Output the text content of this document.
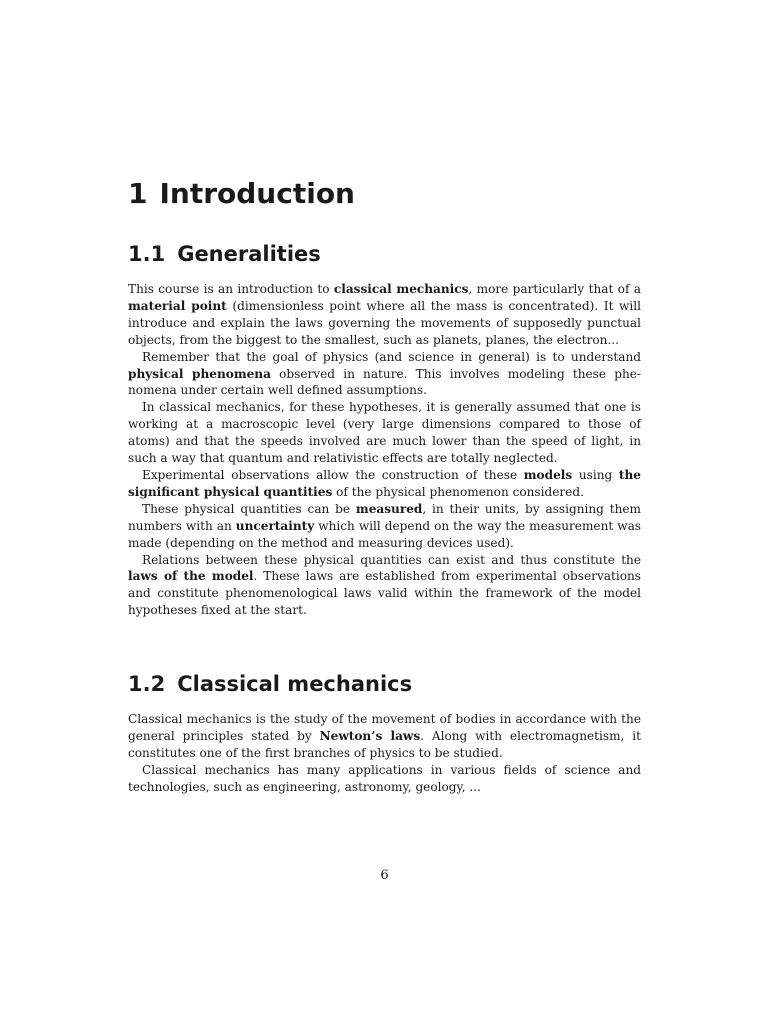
1 Introduction
1.1 Generalities

This course is an introduction to classical mechanics, more particularly that of a material point (dimensionless point where all the mass is concentrated). It will introduce and explain the laws governing the movements of supposedly punctual objects, from the biggest to the smallest, such as planets, planes, the electron...

Remember that the goal of physics (and science in general) is to understand physical phenomena observed in nature. This involves modeling these phenomena under certain well defined assumptions.

In classical mechanics, for these hypotheses, it is generally assumed that one is working at a macroscopic level (very large dimensions compared to those of atoms) and that the speeds involved are much lower than the speed of light, in such a way that quantum and relativistic effects are totally neglected.

Experimental observations allow the construction of these models using the significant physical quantities of the physical phenomenon considered.

These physical quantities can be measured, in their units, by assigning them numbers with an uncertainty which will depend on the way the measurement was made (depending on the method and measuring devices used).

Relations between these physical quantities can exist and thus constitute the laws of the model. These laws are established from experimental observations and constitute phenomenological laws valid within the framework of the model hypotheses fixed at the start.

1.2 Classical mechanics

Classical mechanics is the study of the movement of bodies in accordance with the general principles stated by Newton’s laws. Along with electromagnetism, it constitutes one of the first branches of physics to be studied.

Classical mechanics has many applications in various fields of science and technologies, such as engineering, astronomy, geology, ...

6
